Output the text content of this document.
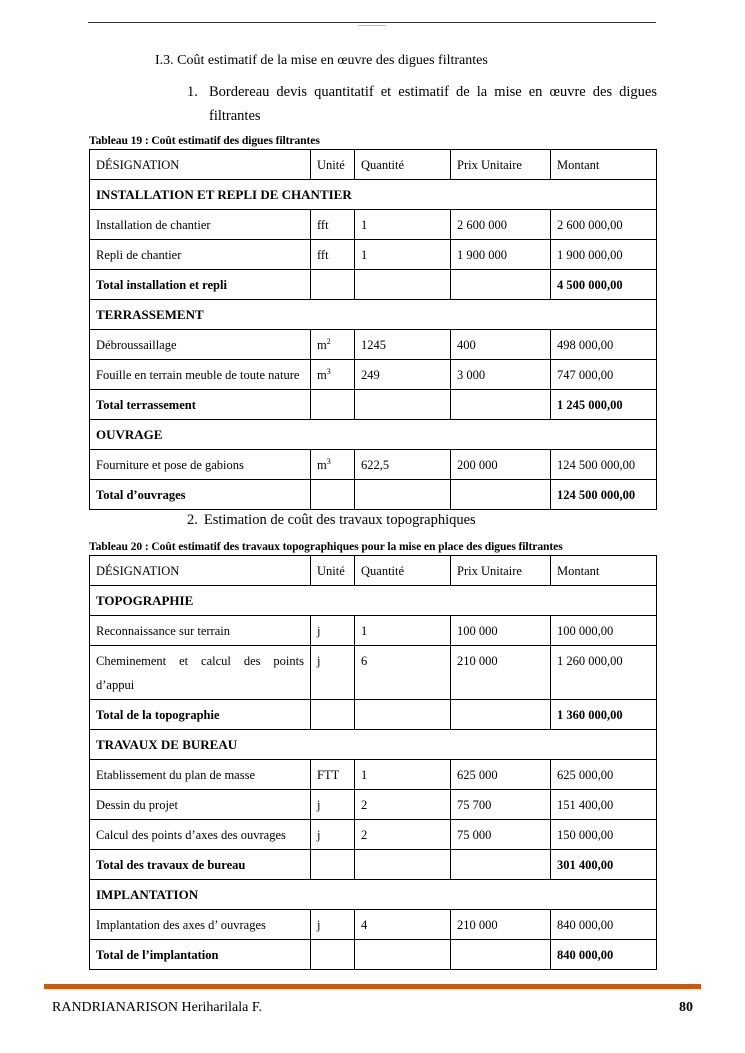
I.3. Coût estimatif de la mise en œuvre des digues filtrantes
1. Bordereau devis quantitatif et estimatif de la mise en œuvre des digues filtrantes
Tableau 19 : Coût estimatif des digues filtrantes
DÉSIGNATION	Unité	Quantité	Prix Unitaire	Montant
INSTALLATION ET REPLI DE CHANTIER				
Installation de chantier	fft	1	2 600 000	2 600 000,00
Repli de chantier	fft	1	1 900 000	1 900 000,00
Total installation et repli				4 500 000,00
TERRASSEMENT				
Débroussaillage	$m^2$	1245	400	498 000,00
Fouille en terrain meuble de toute nature	$m^3$	249	3 000	747 000,00
Total terrassement				1 245 000,00
OUVRAGE				
Fourniture et pose de gabions	$m^3$	622,5	200 000	124 500 000,00
Total d’ouvrages				124 500 000,00
2. Estimation de coût des travaux topographiques
Tableau 20 : Coût estimatif des travaux topographiques pour la mise en place des digues filtrantes
DÉSIGNATION	Unité	Quantité	Prix Unitaire	Montant
TOPOGRAPHIE				
Reconnaissance sur terrain	j	1	100 000	100 000,00
Cheminement et calcul des points d’appui	j	6	210 000	1 260 000,00
Total de la topographie				1 360 000,00
TRAVAUX DE BUREAU				
Etablissement du plan de masse	FTT	1	625 000	625 000,00
Dessin du projet	j	2	75 700	151 400,00
Calcul des points d’axes des ouvrages	j	2	75 000	150 000,00
Total des travaux de bureau				301 400,00
IMPLANTATION				
Implantation des axes d’ ouvrages	j	4	210 000	840 000,00
Total de l’implantation				840 000,00
RANDRIANARISON Heriharilala F.	80
